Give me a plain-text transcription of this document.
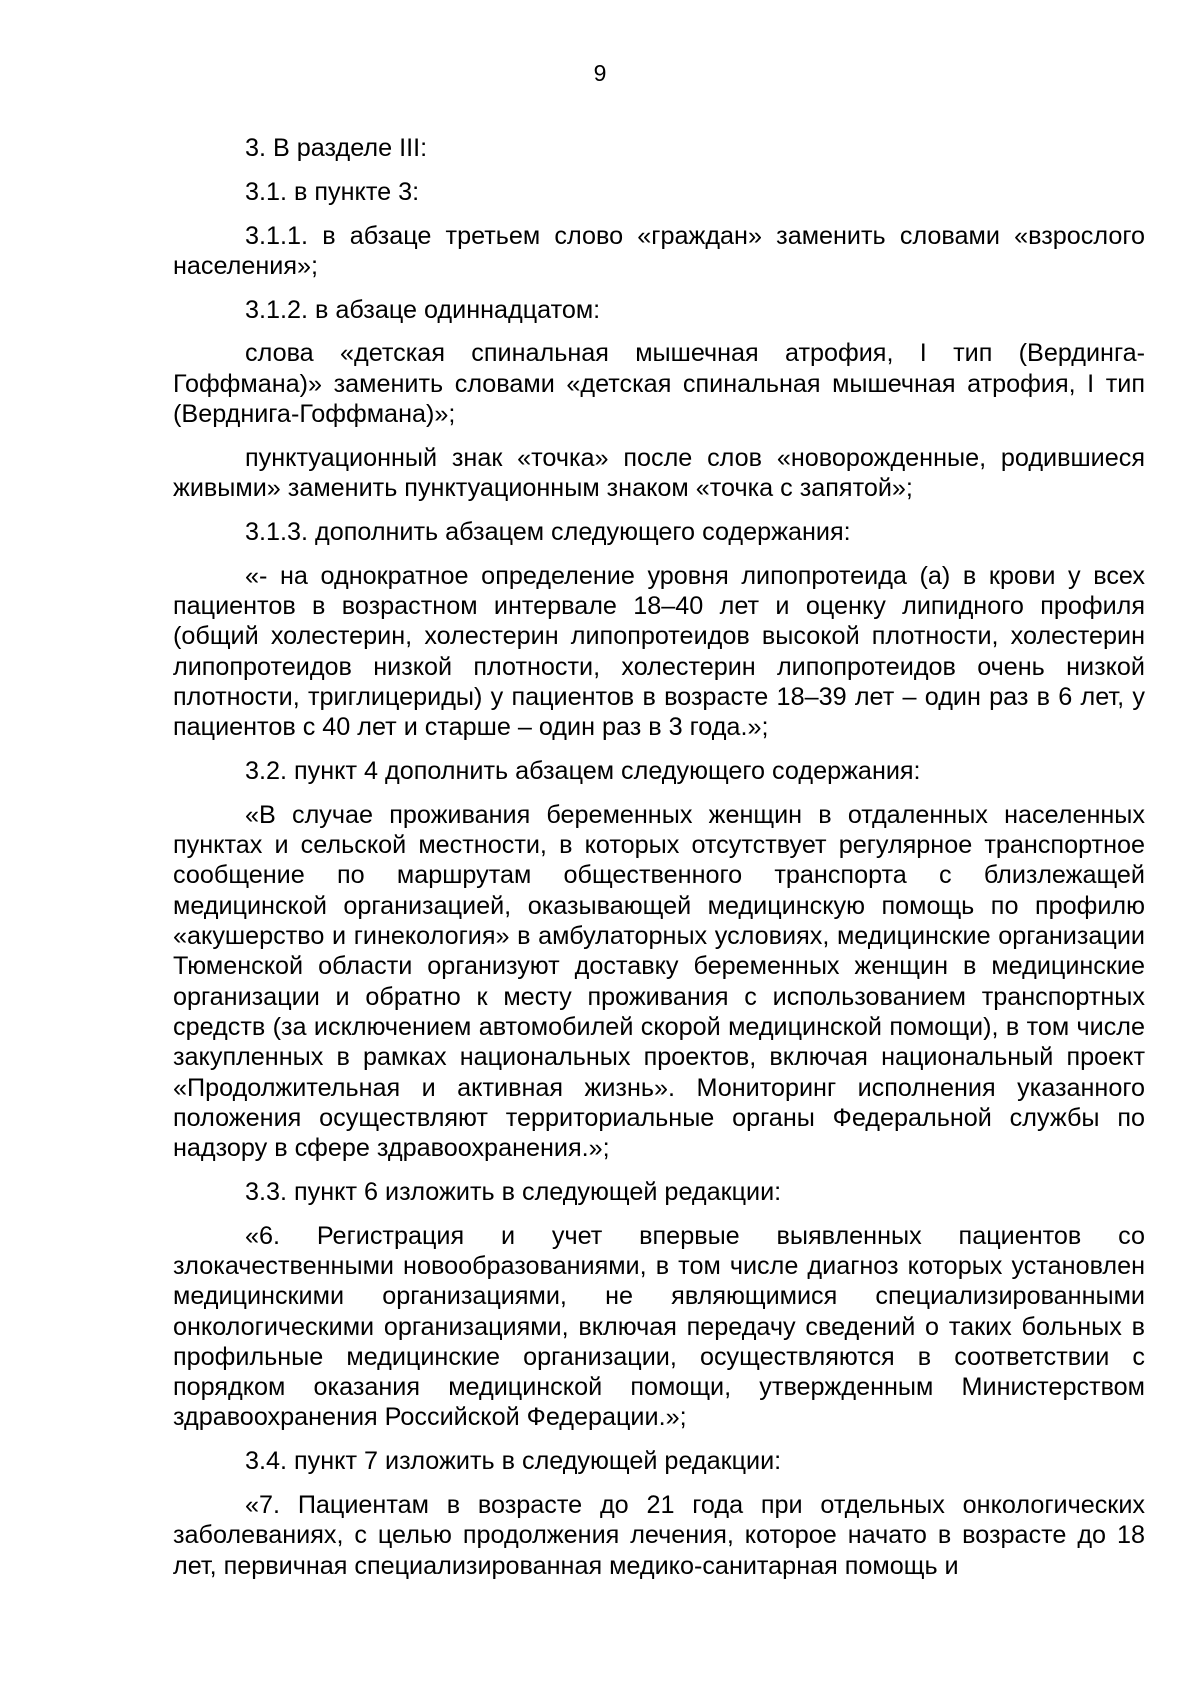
9

3. В разделе III:

3.1. в пункте 3:

3.1.1. в абзаце третьем слово «граждан» заменить словами «взрослого населения»;

3.1.2. в абзаце одиннадцатом:

слова «детская спинальная мышечная атрофия, I тип (Вердинга-Гоффмана)» заменить словами «детская спинальная мышечная атрофия, I тип (Верднига-Гоффмана)»;

пунктуационный знак «точка» после слов «новорожденные, родившиеся живыми» заменить пунктуационным знаком «точка с запятой»;

3.1.3. дополнить абзацем следующего содержания:

«- на однократное определение уровня липопротеида (а) в крови у всех пациентов в возрастном интервале 18–40 лет и оценку липидного профиля (общий холестерин, холестерин липопротеидов высокой плотности, холестерин липопротеидов низкой плотности, холестерин липопротеидов очень низкой плотности, триглицериды) у пациентов в возрасте 18–39 лет – один раз в 6 лет, у пациентов с 40 лет и старше – один раз в 3 года.»;

3.2. пункт 4 дополнить абзацем следующего содержания:

«В случае проживания беременных женщин в отдаленных населенных пунктах и сельской местности, в которых отсутствует регулярное транспортное сообщение по маршрутам общественного транспорта с близлежащей медицинской организацией, оказывающей медицинскую помощь по профилю «акушерство и гинекология» в амбулаторных условиях, медицинские организации Тюменской области организуют доставку беременных женщин в медицинские организации и обратно к месту проживания с использованием транспортных средств (за исключением автомобилей скорой медицинской помощи), в том числе закупленных в рамках национальных проектов, включая национальный проект «Продолжительная и активная жизнь». Мониторинг исполнения указанного положения осуществляют территориальные органы Федеральной службы по надзору в сфере здравоохранения.»;

3.3. пункт 6 изложить в следующей редакции:

«6. Регистрация и учет впервые выявленных пациентов со злокачественными новообразованиями, в том числе диагноз которых установлен медицинскими организациями, не являющимися специализированными онкологическими организациями, включая передачу сведений о таких больных в профильные медицинские организации, осуществляются в соответствии с порядком оказания медицинской помощи, утвержденным Министерством здравоохранения Российской Федерации.»;

3.4. пункт 7 изложить в следующей редакции:

«7. Пациентам в возрасте до 21 года при отдельных онкологических заболеваниях, с целью продолжения лечения, которое начато в возрасте до 18 лет, первичная специализированная медико-санитарная помощь и
